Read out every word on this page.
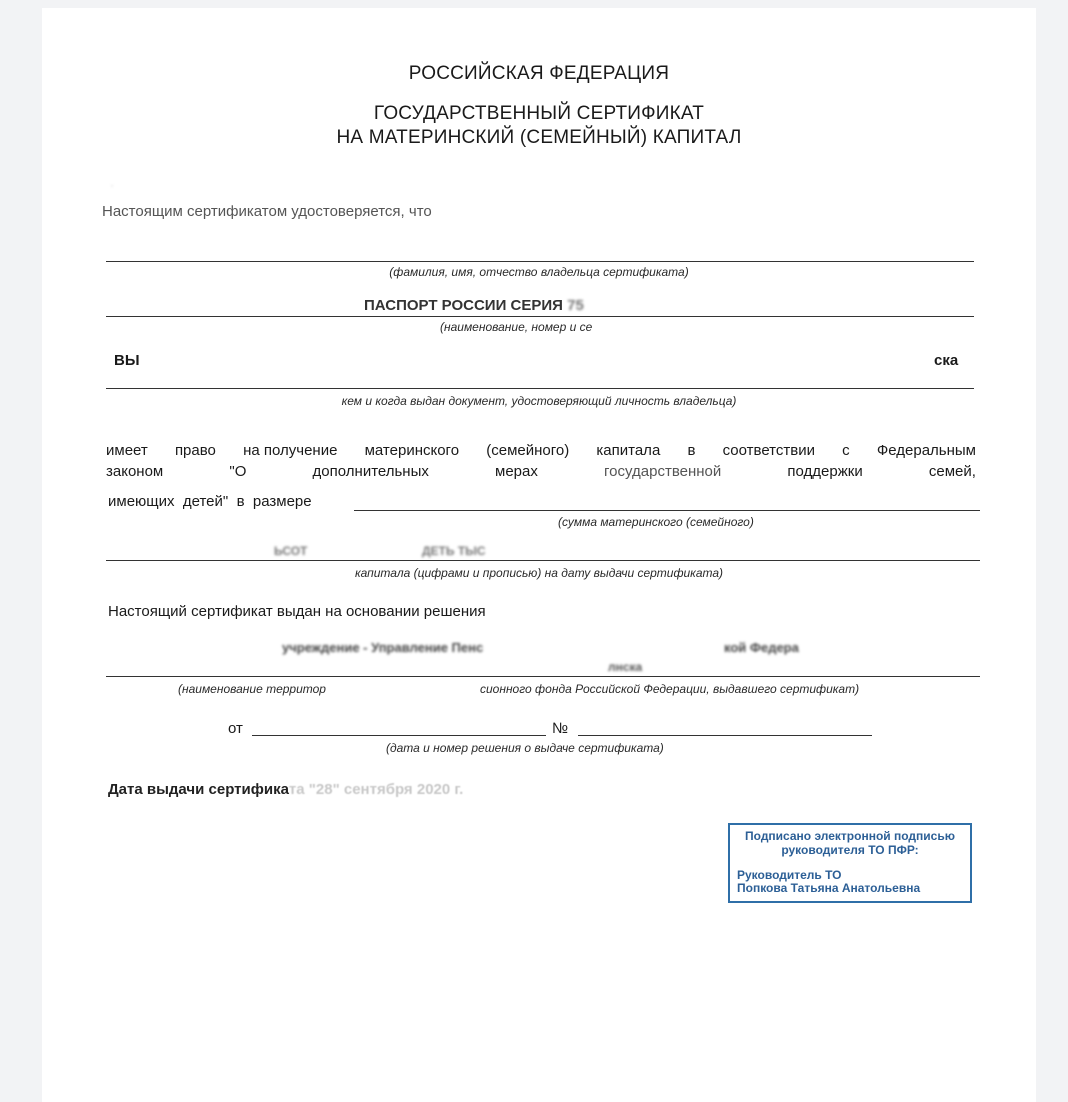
РОССИЙСКАЯ ФЕДЕРАЦИЯ
ГОСУДАРСТВЕННЫЙ СЕРТИФИКАТ
НА МАТЕРИНСКИЙ (СЕМЕЙНЫЙ) КАПИТАЛ
·
Настоящим сертификатом удостоверяется, что
(фамилия, имя, отчество владельца сертификата)
ПАСПОРТ РОССИИ СЕРИЯ 75
(наименование, номер и се
ВЫ	ска
кем и когда выдан документ, удостоверяющий личность владельца)
имеет право на получение материнского (семейного) капитала в соответствии с Федеральным
законом	"О	дополнительных	мерах	государственной	поддержки	семей,
имеющих детей" в размере
(сумма материнского (семейного)
ЬСОТ	ДЕТЬ ТЫС
капитала (цифрами и прописью) на дату выдачи сертификата)
Настоящий сертификат выдан на основании решения
учреждение - Управление Пенс	кой Федера
лнска
(наименование территор	сионного фонда Российской Федерации, выдавшего сертификат)
от	№
(дата и номер решения о выдаче сертификата)
Дата выдачи сертификата "28" сентября 2020 г.
Подписано электронной подписью
руководителя ТО ПФР:
Руководитель ТО
Попкова Татьяна Анатольевна
